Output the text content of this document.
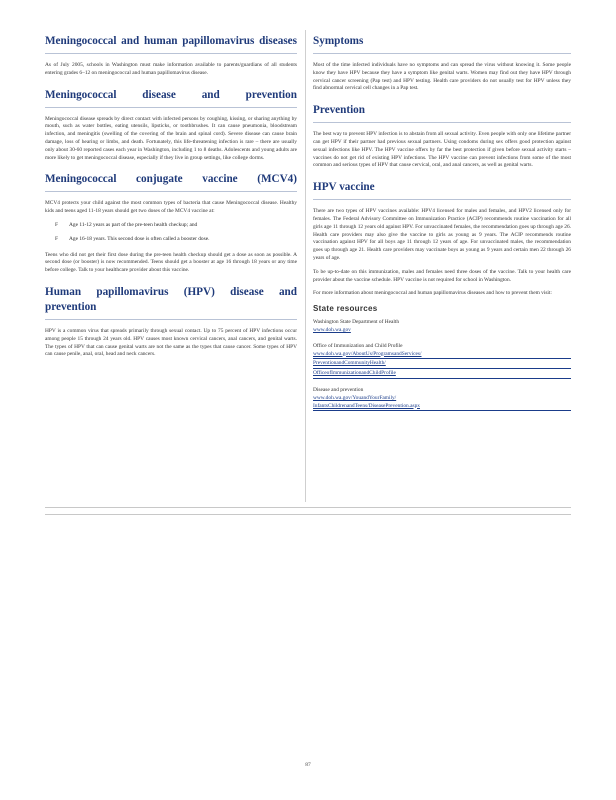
Meningococcal and human papillomavirus diseases

As of July 2005, schools in Washington must make information available to parents/guardians of all students entering grades 6–12 on meningococcal and human papillomavirus disease.

Meningococcal disease and prevention

Meningococcal disease spreads by direct contact with infected persons by coughing, kissing, or sharing anything by mouth, such as water bottles, eating utensils, lipsticks, or toothbrushes. It can cause pneumonia, bloodstream infection, and meningitis (swelling of the covering of the brain and spinal cord). Severe disease can cause brain damage, loss of hearing or limbs, and death. Fortunately, this life-threatening infection is rare – there are usually only about 30-60 reported cases each year in Washington, including 1 to 8 deaths. Adolescents and young adults are more likely to get meningococcal disease, especially if they live in group settings, like college dorms.

Meningococcal conjugate vaccine (MCV4)

MCV4 protects your child against the most common types of bacteria that cause Meningococcal disease. Healthy kids and teens aged 11-18 years should get two doses of the MCV4 vaccine at:

F Age 11-12 years as part of the pre-teen health checkup; and
F Age 16-18 years. This second dose is often called a booster dose.

Teens who did not get their first dose during the pre-teen health checkup should get a dose as soon as possible. A second dose (or booster) is now recommended. Teens should get a booster at age 16 through 18 years or any time before college. Talk to your healthcare provider about this vaccine.

Human papillomavirus (HPV) disease and prevention

HPV is a common virus that spreads primarily through sexual contact. Up to 75 percent of HPV infections occur among people 15 through 24 years old. HPV causes most known cervical cancers, anal cancers, and genital warts. The types of HPV that can cause genital warts are not the same as the types that cause cancer. Some types of HPV can cause penile, anal, oral, head and neck cancers.

Symptoms

Most of the time infected individuals have no symptoms and can spread the virus without knowing it. Some people know they have HPV because they have a symptom like genital warts. Women may find out they have HPV through cervical cancer screening (Pap test) and HPV testing. Health care providers do not usually test for HPV unless they find abnormal cervical cell changes in a Pap test.

Prevention

The best way to prevent HPV infection is to abstain from all sexual activity. Even people with only one lifetime partner can get HPV if their partner had previous sexual partners. Using condoms during sex offers good protection against sexual infections like HPV. The HPV vaccine offers by far the best protection if given before sexual activity starts – vaccines do not get rid of existing HPV infections. The HPV vaccine can prevent infections from some of the most common and serious types of HPV that cause cervical, oral, and anal cancers, as well as genital warts.

HPV vaccine

There are two types of HPV vaccines available: HPV4 licensed for males and females, and HPV2 licensed only for females. The Federal Advisory Committee on Immunization Practice (ACIP) recommends routine vaccination for all girls age 11 through 12 years old against HPV. For unvaccinated females, the recommendation goes up through age 26. Health care providers may also give the vaccine to girls as young as 9 years. The ACIP recommends routine vaccination against HPV for all boys age 11 through 12 years of age. For unvaccinated males, the recommendation goes up through age 21. Health care providers may vaccinate boys as young as 9 years and certain men 22 through 26 years of age.

To be up-to-date on this immunization, males and females need three doses of the vaccine. Talk to your health care provider about the vaccine schedule. HPV vaccine is not required for school in Washington.

For more information about meningococcal and human papillomavirus diseases and how to prevent them visit:

State resources
Washington State Department of Health
www.doh.wa.gov
Office of Immunization and Child Profile
www.doh.wa.gov/AboutUs/ProgramsandServices/
PreventionandCommunityHealth/
OfficeofImmunizationandChildProfile
Disease and prevention
www.doh.wa.gov/YouandYourFamily/
InfantsChildrenandTeens/DiseasePrevention.aspx
87
